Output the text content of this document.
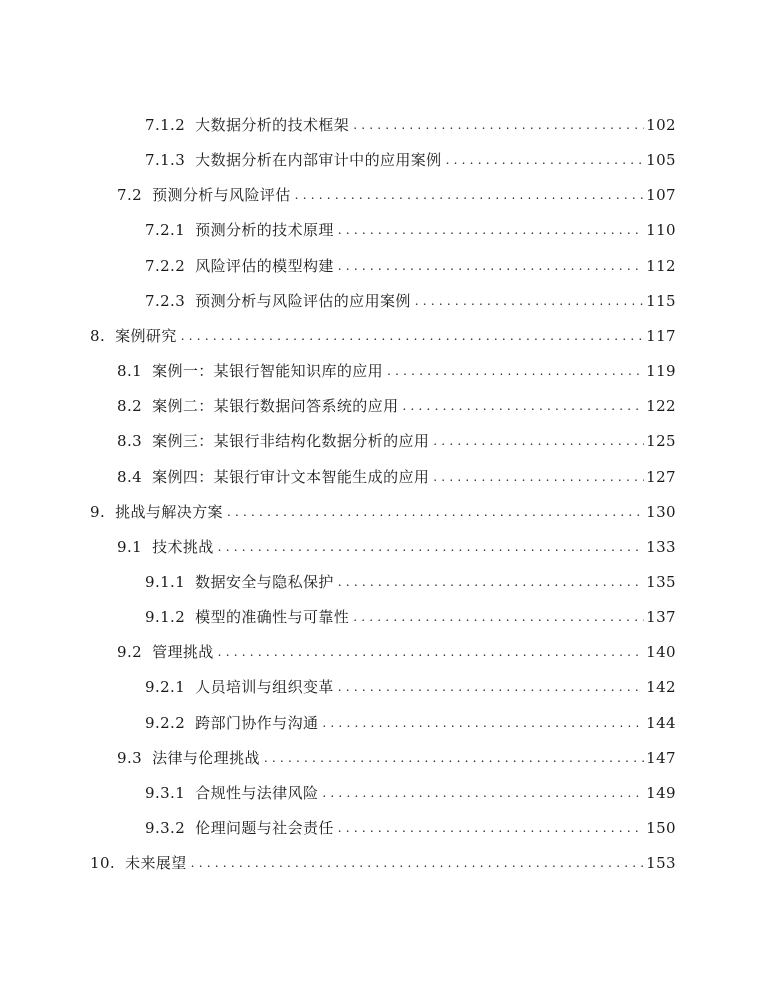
7.1.2 大数据分析的技术框架 . . .	102
7.1.3 大数据分析在内部审计中的应用案例 . . .	105
7.2 预测分析与风险评估 . . .	107
7.2.1 预测分析的技术原理 . . .	110
7.2.2 风险评估的模型构建 . . .	112
7.2.3 预测分析与风险评估的应用案例 . . .	115
8. 案例研究 . . .	117
8.1 案例一：某银行智能知识库的应用 . . .	119
8.2 案例二：某银行数据问答系统的应用 . . .	122
8.3 案例三：某银行非结构化数据分析的应用 . . .	125
8.4 案例四：某银行审计文本智能生成的应用 . . .	127
9. 挑战与解决方案 . . .	130
9.1 技术挑战 . . .	133
9.1.1 数据安全与隐私保护 . . .	135
9.1.2 模型的准确性与可靠性 . . .	137
9.2 管理挑战 . . .	140
9.2.1 人员培训与组织变革 . . .	142
9.2.2 跨部门协作与沟通 . . .	144
9.3 法律与伦理挑战 . . .	147
9.3.1 合规性与法律风险 . . .	149
9.3.2 伦理问题与社会责任 . . .	150
10. 未来展望 . . .	153
